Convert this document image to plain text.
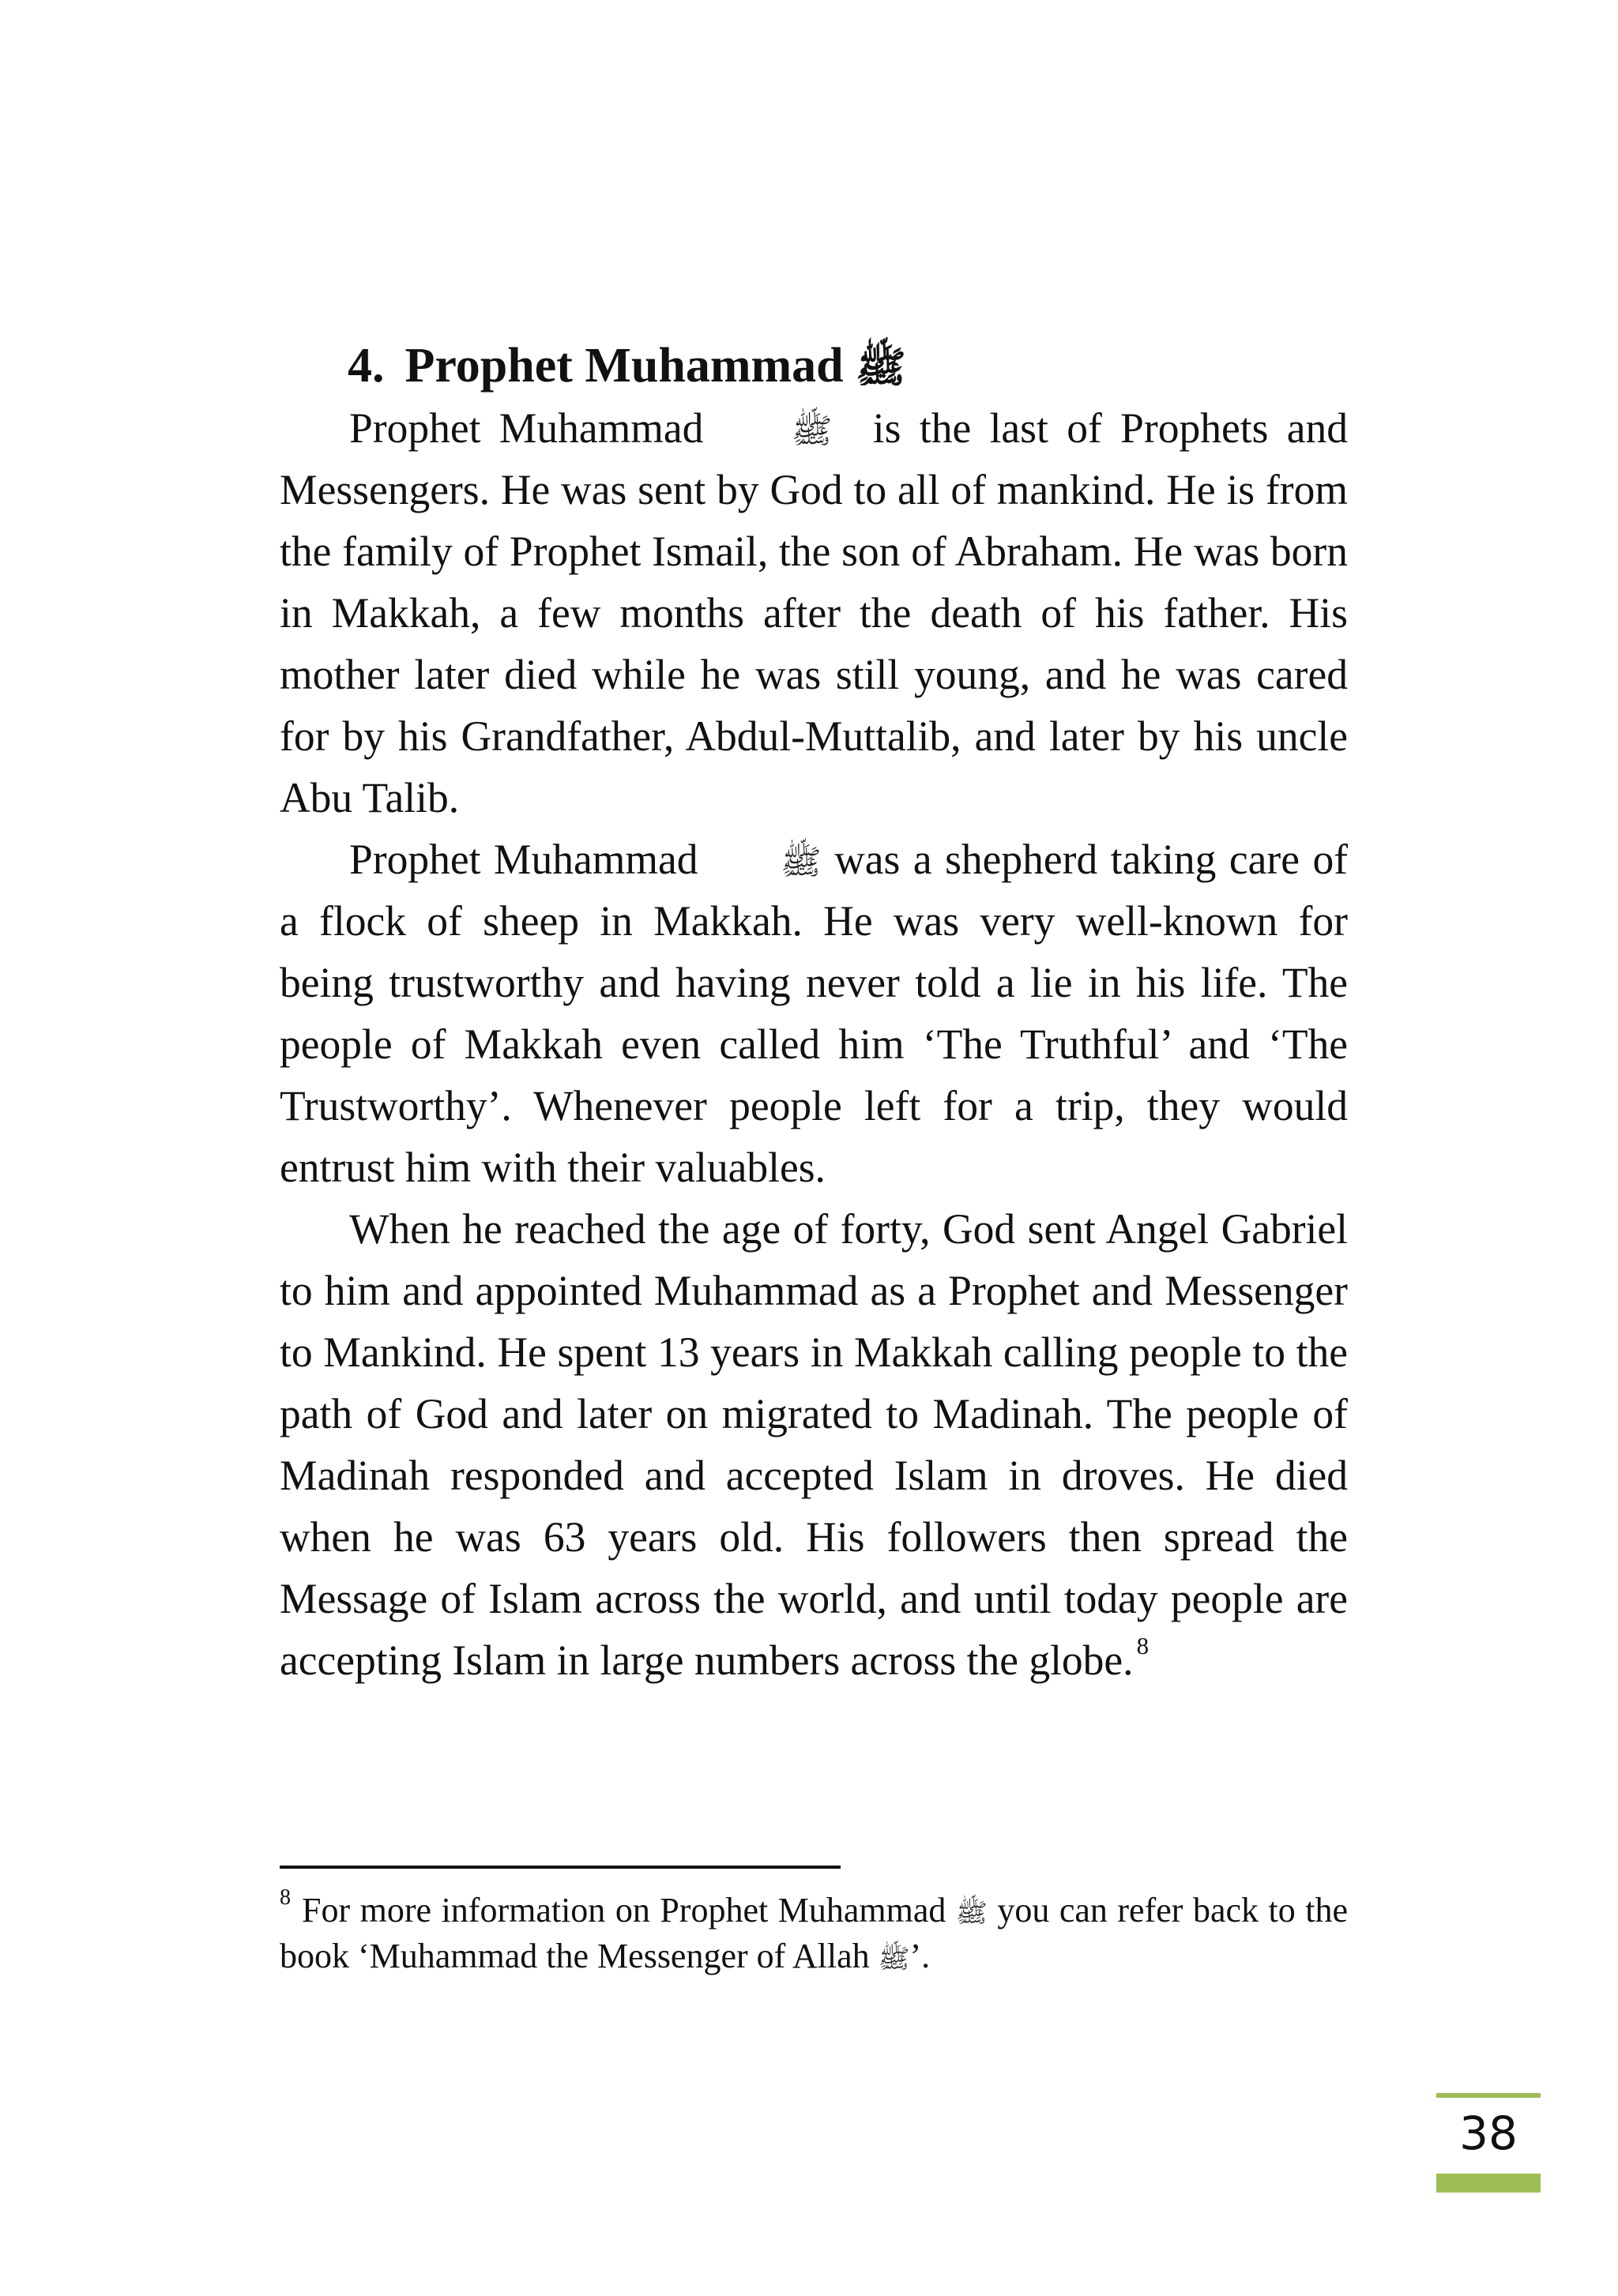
4. Prophet Muhammad ﷺ

Prophet Muhammad	ﷺ is the last of Prophets and Messengers. He was sent by God to all of mankind. He is from the family of Prophet Ismail, the son of Abraham. He was born in Makkah, a few months after the death of his father. His mother later died while he was still young, and he was cared for by his Grandfather, Abdul-Muttalib, and later by his uncle Abu Talib.

Prophet Muhammad ﷺ was a shepherd taking care of a flock of sheep in Makkah. He was very well-known for being trustworthy and having never told a lie in his life. The people of Makkah even called him ‘The Truthful’ and ‘The Trustworthy’. Whenever people left for a trip, they would entrust him with their valuables.

When he reached the age of forty, God sent Angel Gabriel to him and appointed Muhammad as a Prophet and Messenger to Mankind. He spent 13 years in Makkah calling people to the path of God and later on migrated to Madinah. The people of Madinah responded and accepted Islam in droves. He died when he was 63 years old. His followers then spread the Message of Islam across the world, and until today people are accepting Islam in large numbers across the globe. $^8$

$^8$ For more information on Prophet Muhammad ﷺ you can refer back to the book ‘Muhammad the Messenger of Allah ﷺ’.

38
